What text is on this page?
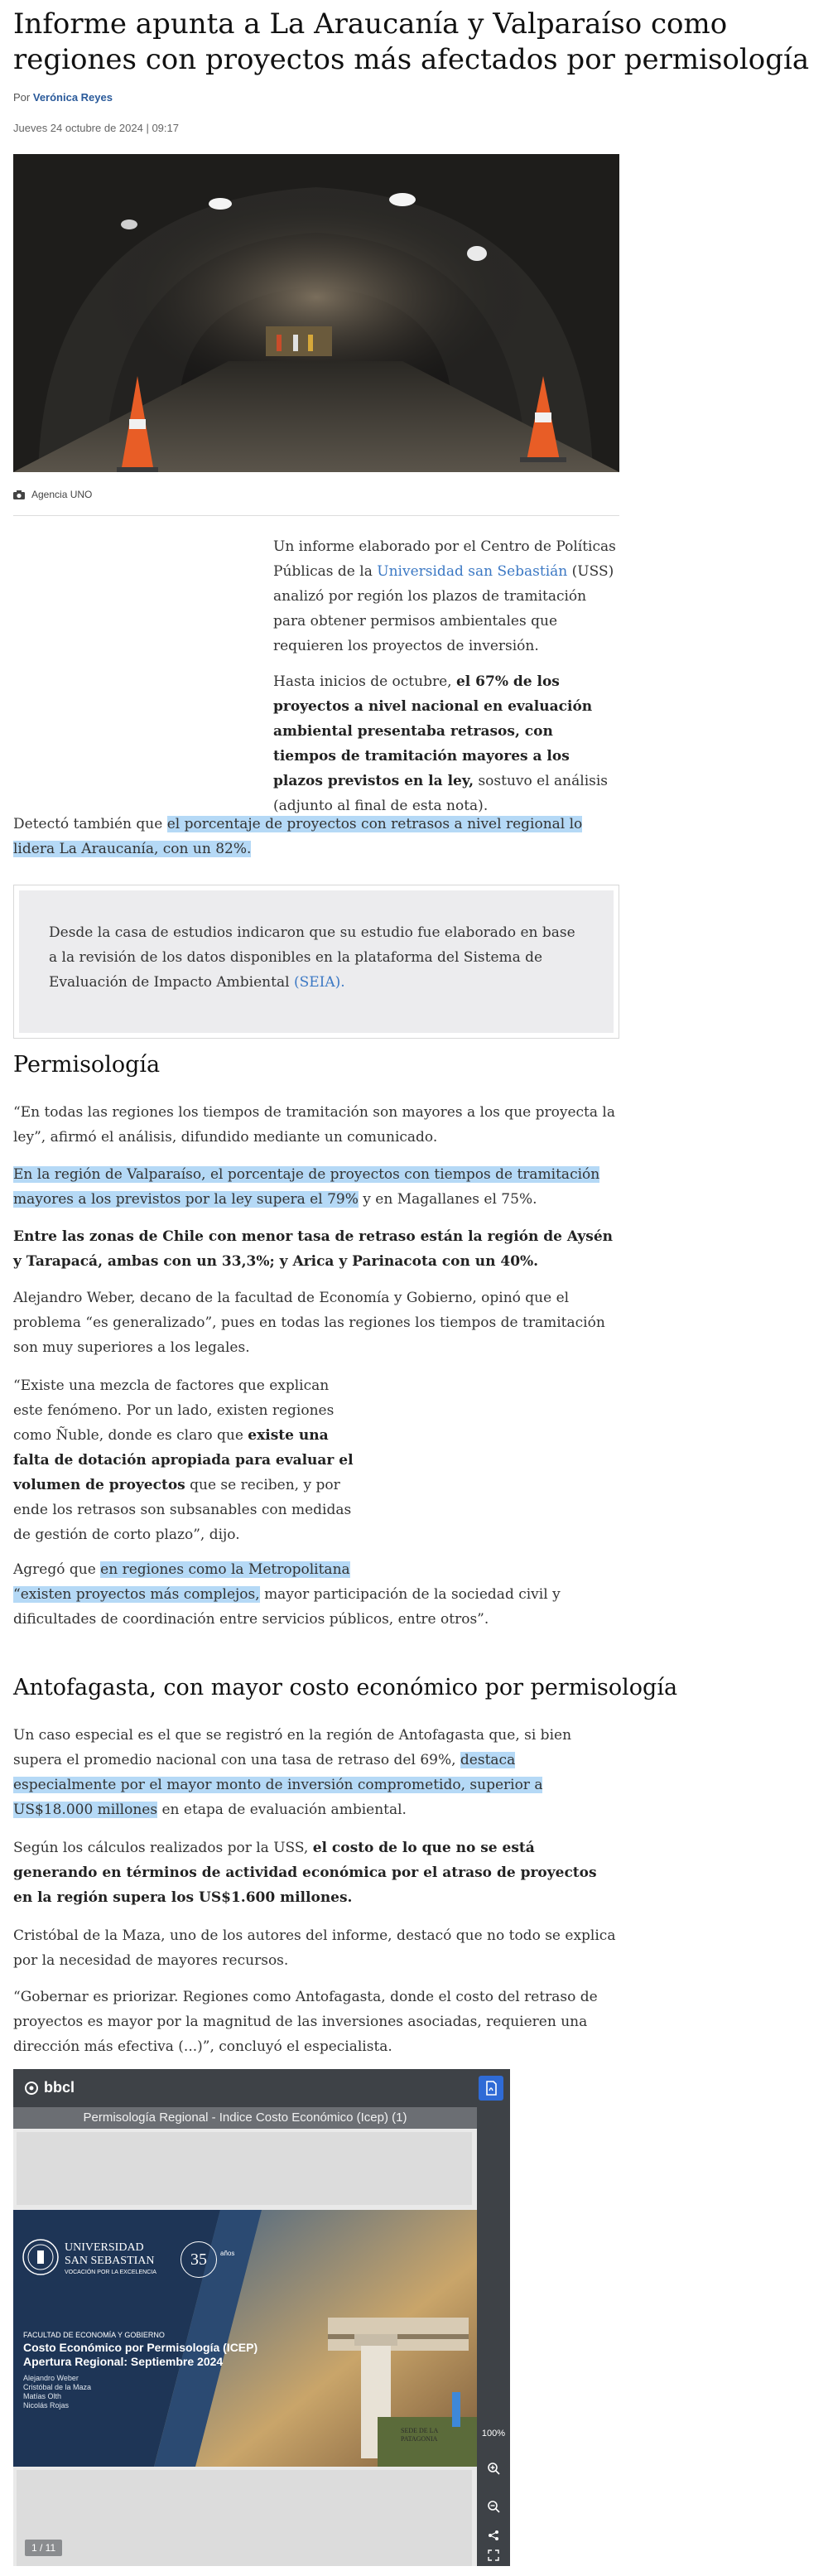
Informe apunta a La Araucanía y Valparaíso como regiones con proyectos más afectados por permisología
Por Verónica Reyes
Jueves 24 octubre de 2024 | 09:17
Agencia UNO

Un informe elaborado por el Centro de Políticas Públicas de la Universidad san Sebastián (USS) analizó por región los plazos de tramitación para obtener permisos ambientales que requieren los proyectos de inversión.

Hasta inicios de octubre, el 67% de los proyectos a nivel nacional en evaluación ambiental presentaba retrasos, con tiempos de tramitación mayores a los plazos previstos en la ley, sostuvo el análisis (adjunto al final de esta nota).

Detectó también que el porcentaje de proyectos con retrasos a nivel regional lo lidera La Araucanía, con un 82%.

Desde la casa de estudios indicaron que su estudio fue elaborado en base a la revisión de los datos disponibles en la plataforma del Sistema de Evaluación de Impacto Ambiental (SEIA).
Permisología

“En todas las regiones los tiempos de tramitación son mayores a los que proyecta la ley”, afirmó el análisis, difundido mediante un comunicado.

En la región de Valparaíso, el porcentaje de proyectos con tiempos de tramitación mayores a los previstos por la ley supera el 79% y en Magallanes el 75%.

Entre las zonas de Chile con menor tasa de retraso están la región de Aysén y Tarapacá, ambas con un 33,3%; y Arica y Parinacota con un 40%.

Alejandro Weber, decano de la facultad de Economía y Gobierno, opinó que el problema “es generalizado”, pues en todas las regiones los tiempos de tramitación son muy superiores a los legales.

“Existe una mezcla de factores que explican este fenómeno. Por un lado, existen regiones como Ñuble, donde es claro que existe una falta de dotación apropiada para evaluar el volumen de proyectos que se reciben, y por ende los retrasos son subsanables con medidas de gestión de corto plazo”, dijo.

Agregó que en regiones como la Metropolitana
“existen proyectos más complejos, mayor participación de la sociedad civil y dificultades de coordinación entre servicios públicos, entre otros”.

Antofagasta, con mayor costo económico por permisología

Un caso especial es el que se registró en la región de Antofagasta que, si bien supera el promedio nacional con una tasa de retraso del 69%, destaca especialmente por el mayor monto de inversión comprometido, superior a US$18.000 millones en etapa de evaluación ambiental.

Según los cálculos realizados por la USS, el costo de lo que no se está generando en términos de actividad económica por el atraso de proyectos en la región supera los US$1.600 millones.

Cristóbal de la Maza, uno de los autores del informe, destacó que no todo se explica por la necesidad de mayores recursos.

“Gobernar es priorizar. Regiones como Antofagasta, donde el costo del retraso de proyectos es mayor por la magnitud de las inversiones asociadas, requieren una dirección más efectiva (...)”, concluyó el especialista.

bbcl
Permisología Regional - Indice Costo Económico (Icep) (1)
UNIVERSIDAD
SAN SEBASTIAN
VOCACIÓN POR LA EXCELENCIA
35	años
FACULTAD DE ECONOMÍA Y GOBIERNO
Costo Económico por Permisología (ICEP)
Apertura Regional: Septiembre 2024
Alejandro Weber
Cristóbal de la Maza
Matías Olth
Nicolás Rojas
SEDE DE LA
PATAGONIA
1 / 11
100%
